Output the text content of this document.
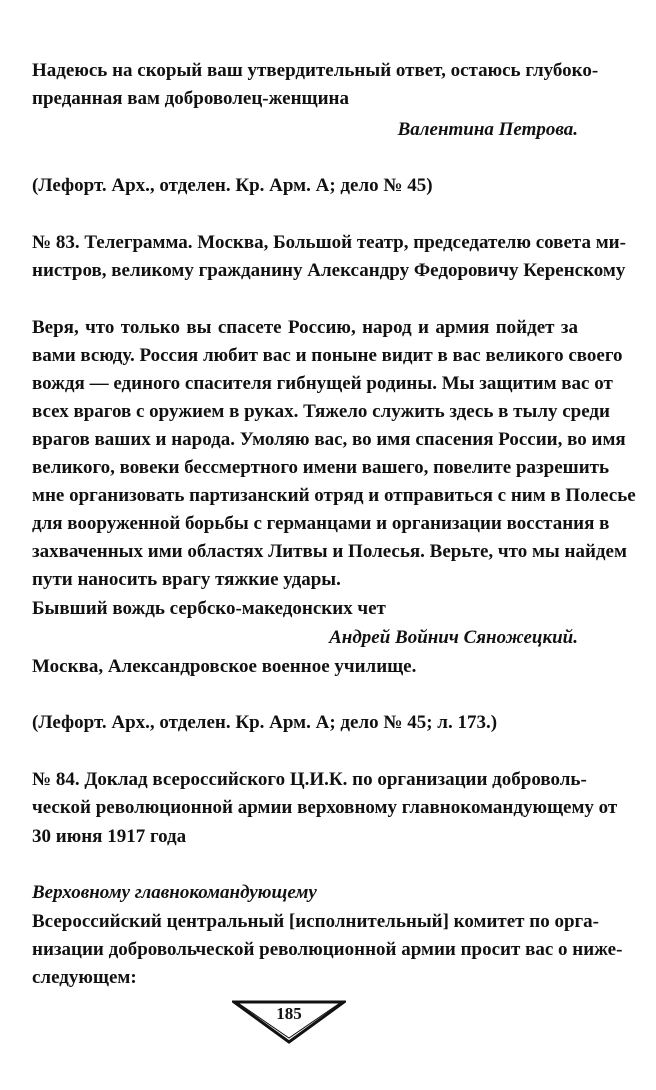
Надеюсь на скорый ваш утвердительный ответ, остаюсь глубоко-
преданная вам доброволец-женщина
Валентина Петрова.
(Лефорт. Арх., отделен. Кр. Арм. А; дело № 45)
№ 83. Телеграмма. Москва, Большой театр, председателю совета ми-
нистров, великому гражданину Александру Федоровичу Керенскому
Веря, что только вы спасете Россию, народ и армия пойдет за
вами всюду. Россия любит вас и поныне видит в вас великого своего
вождя — единого спасителя гибнущей родины. Мы защитим вас от
всех врагов с оружием в руках. Тяжело служить здесь в тылу среди
врагов ваших и народа. Умоляю вас, во имя спасения России, во имя
великого, вовеки бессмертного имени вашего, повелите разрешить
мне организовать партизанский отряд и отправиться с ним в Полесье
для вооруженной борьбы с германцами и организации восстания в
захваченных ими областях Литвы и Полесья. Верьте, что мы найдем
пути наносить врагу тяжкие удары.
Бывший вождь сербско-македонских чет
Андрей Войнич Сяножецкий.
Москва, Александровское военное училище.
(Лефорт. Арх., отделен. Кр. Арм. А; дело № 45; л. 173.)
№ 84. Доклад всероссийского Ц.И.К. по организации доброволь-
ческой революционной армии верховному главнокомандующему от
30 июня 1917 года
Верховному главнокомандующему
Всероссийский центральный [исполнительный] комитет по орга-
низации добровольческой революционной армии просит вас о ниже-
следующем:
185
